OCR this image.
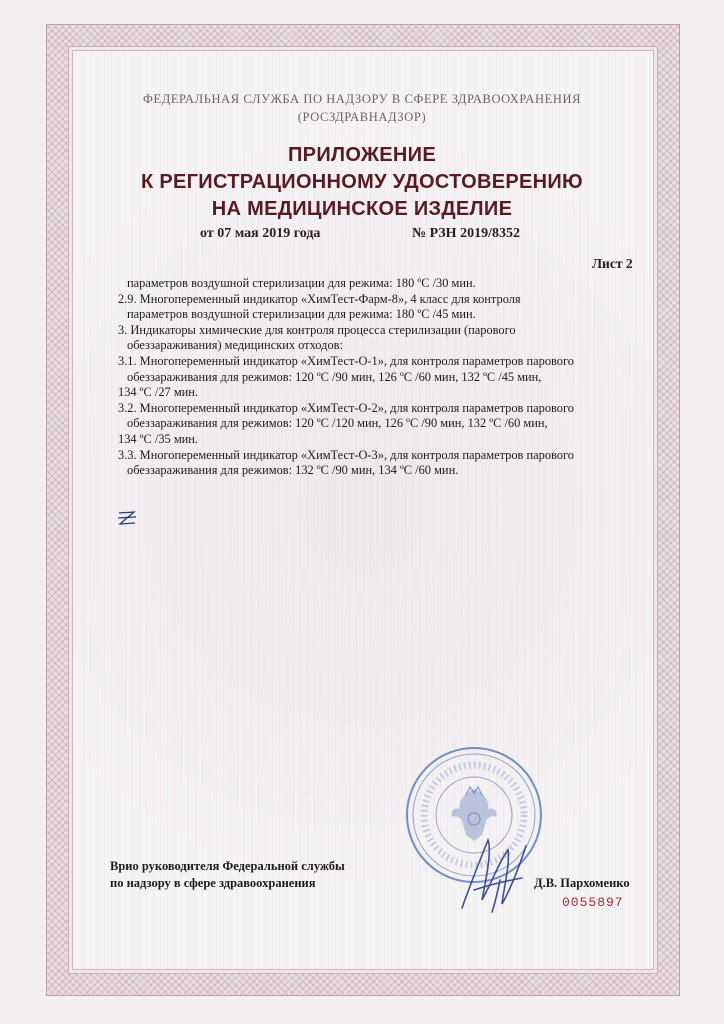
ФЕДЕРАЛЬНАЯ СЛУЖБА ПО НАДЗОРУ В СФЕРЕ ЗДРАВООХРАНЕНИЯ
(РОСЗДРАВНАДЗОР)
ПРИЛОЖЕНИЕ
К РЕГИСТРАЦИОННОМУ УДОСТОВЕРЕНИЮ
НА МЕДИЦИНСКОЕ ИЗДЕЛИЕ
от 07 мая 2019 года	№ РЗН 2019/8352
Лист 2
параметров воздушной стерилизации для режима: 180 ºС /30 мин.
2.9. Многопеременный индикатор «ХимТест-Фарм-8», 4 класс для контроля
параметров воздушной стерилизации для режима: 180 ºС /45 мин.
3. Индикаторы химические для контроля процесса стерилизации (парового
обеззараживания) медицинских отходов:
3.1. Многопеременный индикатор «ХимТест-О-1», для контроля параметров парового
обеззараживания для режимов: 120 ºС /90 мин, 126 ºС /60 мин, 132 ºС /45 мин,
134 ºС /27 мин.
3.2. Многопеременный индикатор «ХимТест-О-2», для контроля параметров парового
обеззараживания для режимов: 120 ºС /120 мин, 126 ºС /90 мин, 132 ºС /60 мин,
134 ºС /35 мин.
3.3. Многопеременный индикатор «ХимТест-О-3», для контроля параметров парового
обеззараживания для режимов: 132 ºС /90 мин, 134 ºС /60 мин.
Врио руководителя Федеральной службы
по надзору в сфере здравоохранения	Д.В. Пархоменко
0055897
